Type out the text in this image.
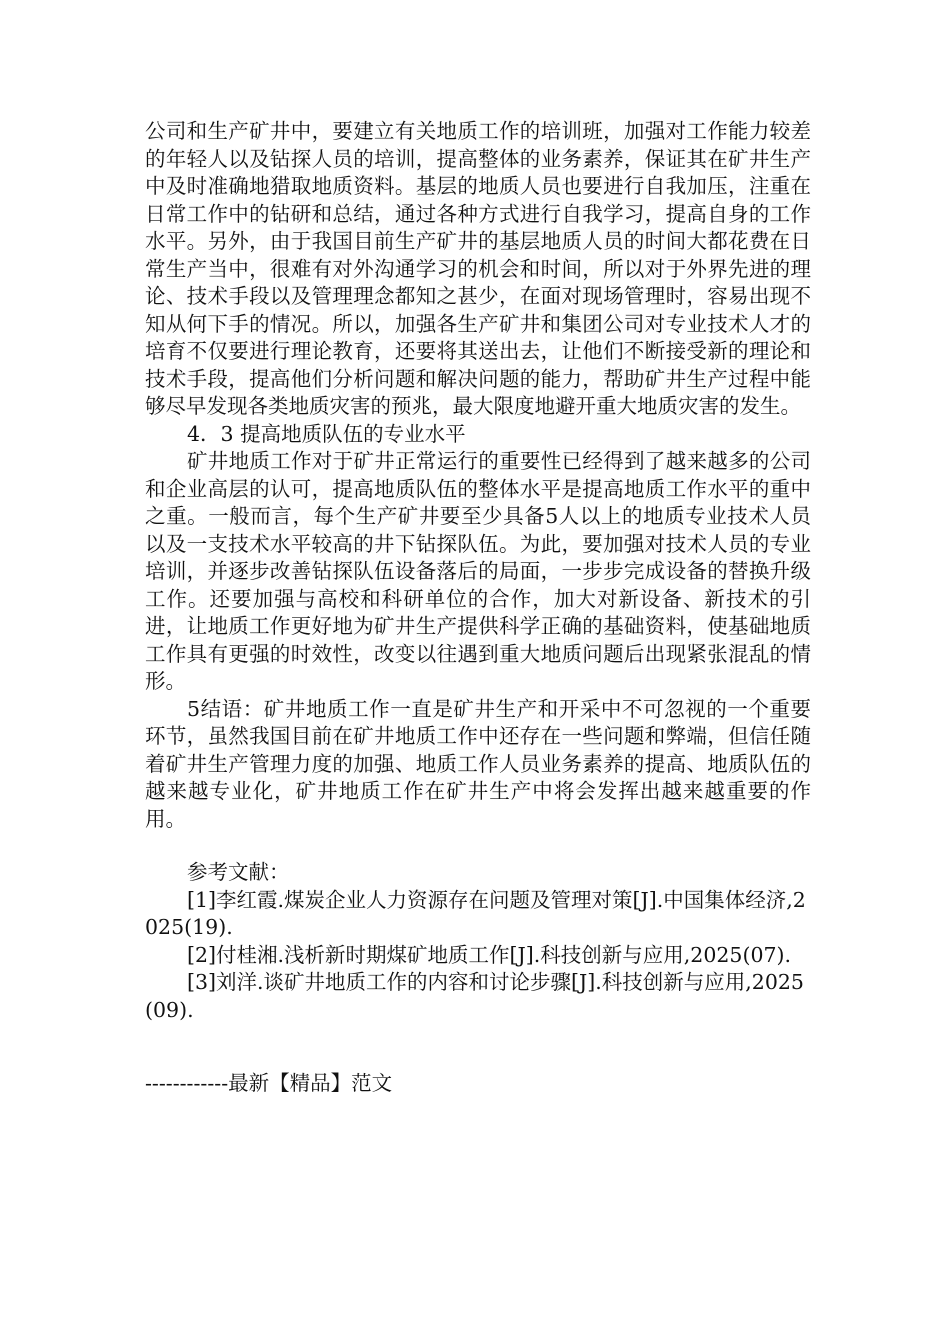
公司和生产矿井中，要建立有关地质工作的培训班，加强对工作能力较差的年轻人以及钻探人员的培训，提高整体的业务素养，保证其在矿井生产中及时准确地猎取地质资料。基层的地质人员也要进行自我加压，注重在日常工作中的钻研和总结，通过各种方式进行自我学习，提高自身的工作水平。另外，由于我国目前生产矿井的基层地质人员的时间大都花费在日常生产当中，很难有对外沟通学习的机会和时间，所以对于外界先进的理论、技术手段以及管理理念都知之甚少，在面对现场管理时，容易出现不知从何下手的情况。所以，加强各生产矿井和集团公司对专业技术人才的培育不仅要进行理论教育，还要将其送出去，让他们不断接受新的理论和技术手段，提高他们分析问题和解决问题的能力，帮助矿井生产过程中能够尽早发现各类地质灾害的预兆，最大限度地避开重大地质灾害的发生。

4．3 提高地质队伍的专业水平

矿井地质工作对于矿井正常运行的重要性已经得到了越来越多的公司和企业高层的认可，提高地质队伍的整体水平是提高地质工作水平的重中之重。一般而言，每个生产矿井要至少具备5人以上的地质专业技术人员以及一支技术水平较高的井下钻探队伍。为此，要加强对技术人员的专业培训，并逐步改善钻探队伍设备落后的局面，一步步完成设备的替换升级工作。还要加强与高校和科研单位的合作，加大对新设备、新技术的引进，让地质工作更好地为矿井生产提供科学正确的基础资料，使基础地质工作具有更强的时效性，改变以往遇到重大地质问题后出现紧张混乱的情形。

5结语：矿井地质工作一直是矿井生产和开采中不可忽视的一个重要环节，虽然我国目前在矿井地质工作中还存在一些问题和弊端，但信任随着矿井生产管理力度的加强、地质工作人员业务素养的提高、地质队伍的越来越专业化，矿井地质工作在矿井生产中将会发挥出越来越重要的作用。

参考文献：

[1]李红霞.煤炭企业人力资源存在问题及管理对策[J].中国集体经济,2025(19).

[2]付桂湘.浅析新时期煤矿地质工作[J].科技创新与应用,2025(07).

[3]刘洋.谈矿井地质工作的内容和讨论步骤[J].科技创新与应用,2025(09).

------------最新【精品】范文
